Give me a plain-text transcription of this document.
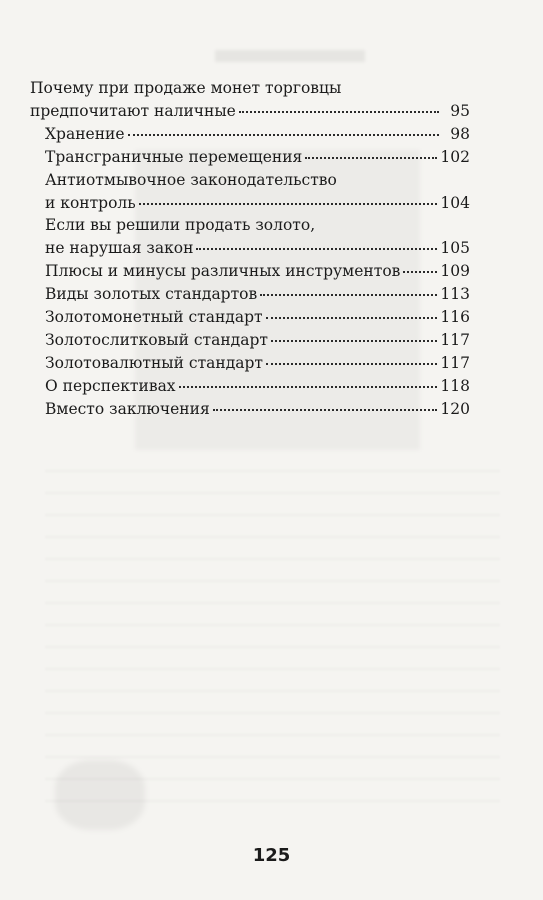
Почему при продаже монет торговцы
предпочитают наличные	95
Хранение	98
Трансграничные перемещения	102
Антиотмывочное законодательство
и контроль	104
Если вы решили продать золото,
не нарушая закон	105
Плюсы и минусы различных инструментов	109
Виды золотых стандартов	113
Золотомонетный стандарт	116
Золотослитковый стандарт	117
Золотовалютный стандарт	117
О перспективах	118
Вместо заключения	120
125
